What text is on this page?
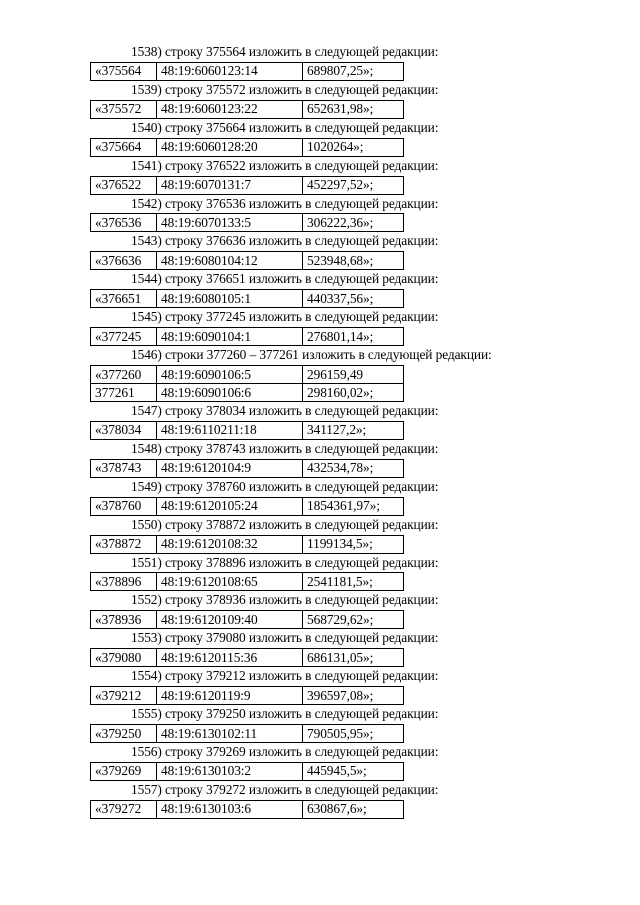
1538) строку 375564 изложить в следующей редакции:
«375564	48:19:6060123:14	689807,25»;
1539) строку 375572 изложить в следующей редакции:
«375572	48:19:6060123:22	652631,98»;
1540) строку 375664 изложить в следующей редакции:
«375664	48:19:6060128:20	1020264»;
1541) строку 376522 изложить в следующей редакции:
«376522	48:19:6070131:7	452297,52»;
1542) строку 376536 изложить в следующей редакции:
«376536	48:19:6070133:5	306222,36»;
1543) строку 376636 изложить в следующей редакции:
«376636	48:19:6080104:12	523948,68»;
1544) строку 376651 изложить в следующей редакции:
«376651	48:19:6080105:1	440337,56»;
1545) строку 377245 изложить в следующей редакции:
«377245	48:19:6090104:1	276801,14»;
1546) строки 377260 – 377261 изложить в следующей редакции:
«377260	48:19:6090106:5	296159,49
377261	48:19:6090106:6	298160,02»;
1547) строку 378034 изложить в следующей редакции:
«378034	48:19:6110211:18	341127,2»;
1548) строку 378743 изложить в следующей редакции:
«378743	48:19:6120104:9	432534,78»;
1549) строку 378760 изложить в следующей редакции:
«378760	48:19:6120105:24	1854361,97»;
1550) строку 378872 изложить в следующей редакции:
«378872	48:19:6120108:32	1199134,5»;
1551) строку 378896 изложить в следующей редакции:
«378896	48:19:6120108:65	2541181,5»;
1552) строку 378936 изложить в следующей редакции:
«378936	48:19:6120109:40	568729,62»;
1553) строку 379080 изложить в следующей редакции:
«379080	48:19:6120115:36	686131,05»;
1554) строку 379212 изложить в следующей редакции:
«379212	48:19:6120119:9	396597,08»;
1555) строку 379250 изложить в следующей редакции:
«379250	48:19:6130102:11	790505,95»;
1556) строку 379269 изложить в следующей редакции:
«379269	48:19:6130103:2	445945,5»;
1557) строку 379272 изложить в следующей редакции:
«379272	48:19:6130103:6	630867,6»;
